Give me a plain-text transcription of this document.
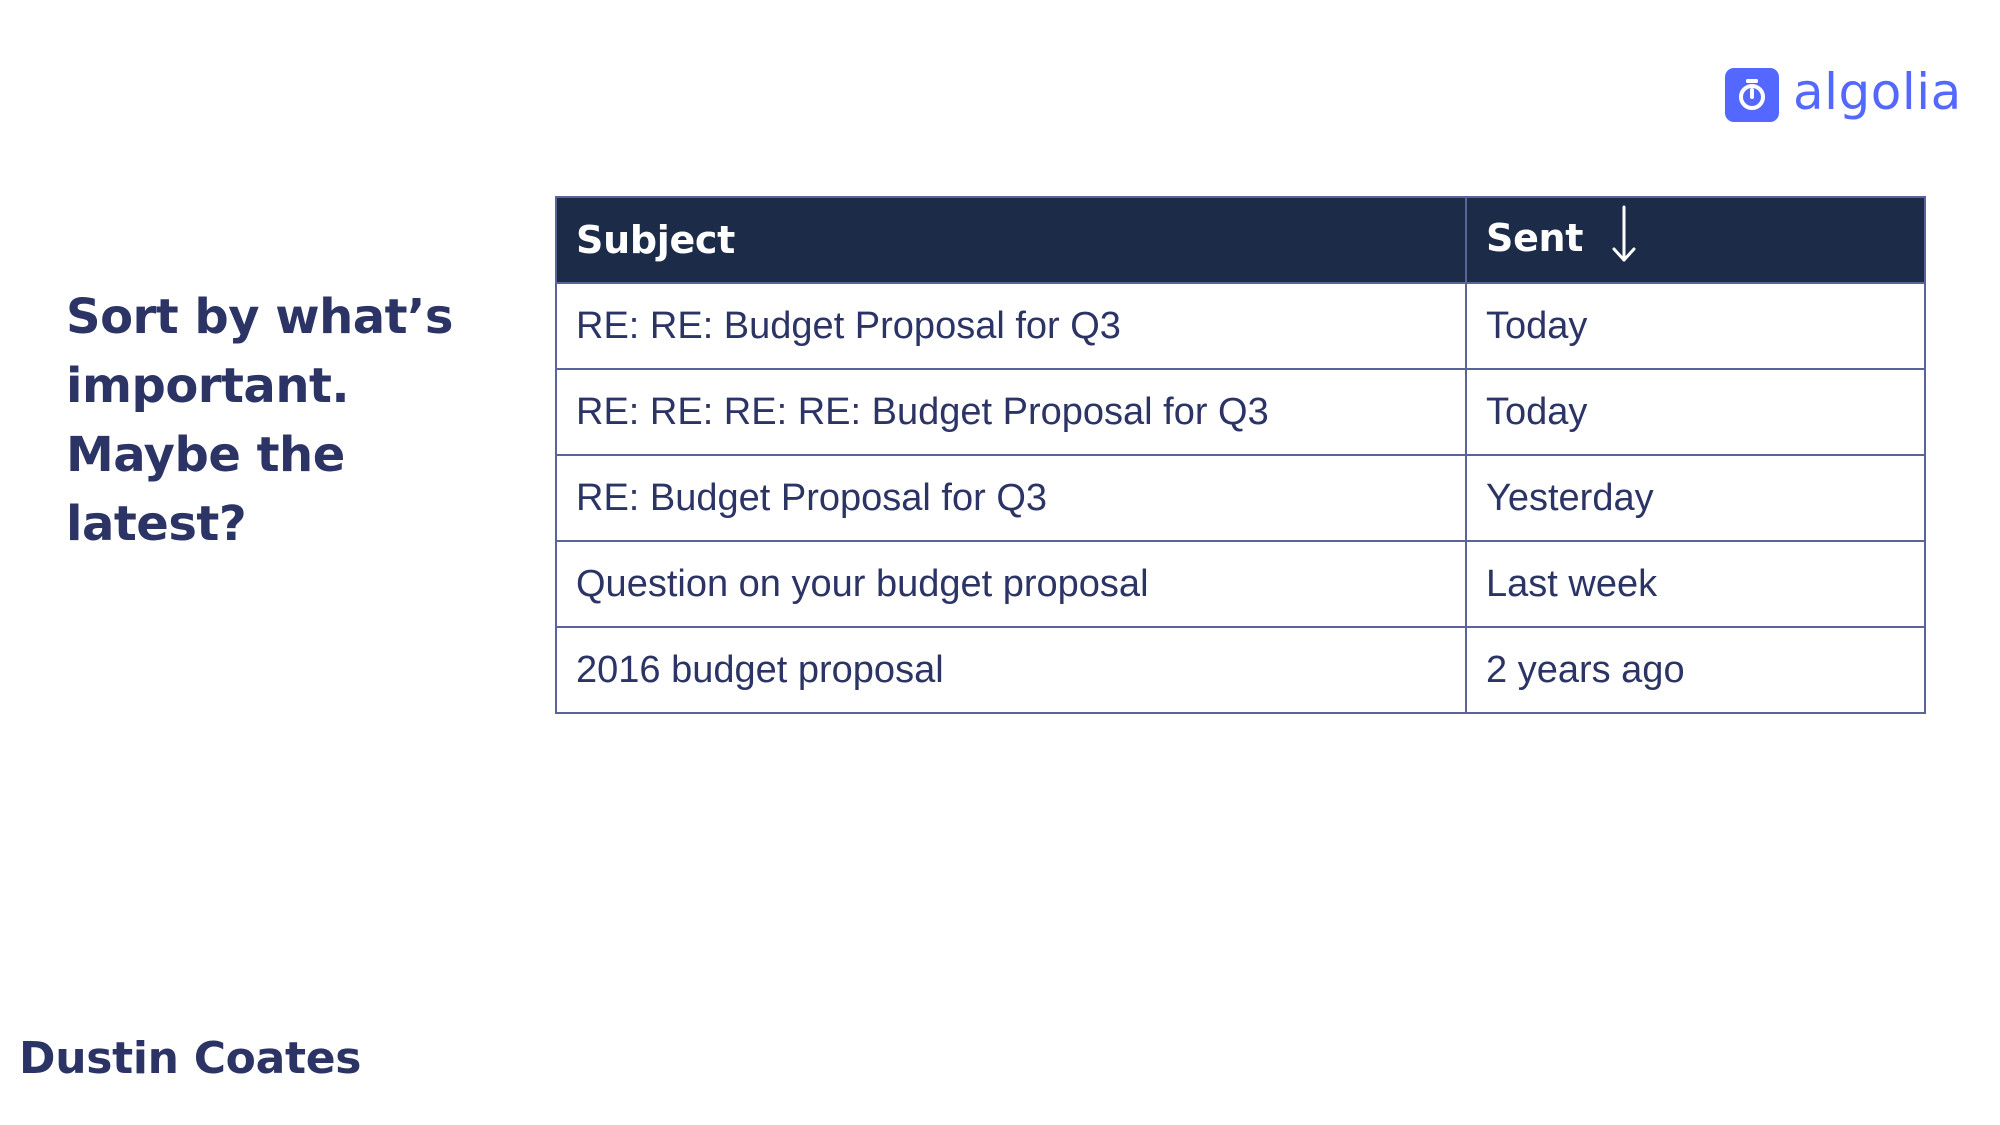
algolia
Sort by what’s important. Maybe the latest?
Subject	Sent
RE: RE: Budget Proposal for Q3	Today
RE: RE: RE: RE: Budget Proposal for Q3	Today
RE: Budget Proposal for Q3	Yesterday
Question on your budget proposal	Last week
2016 budget proposal	2 years ago

Dustin Coates
